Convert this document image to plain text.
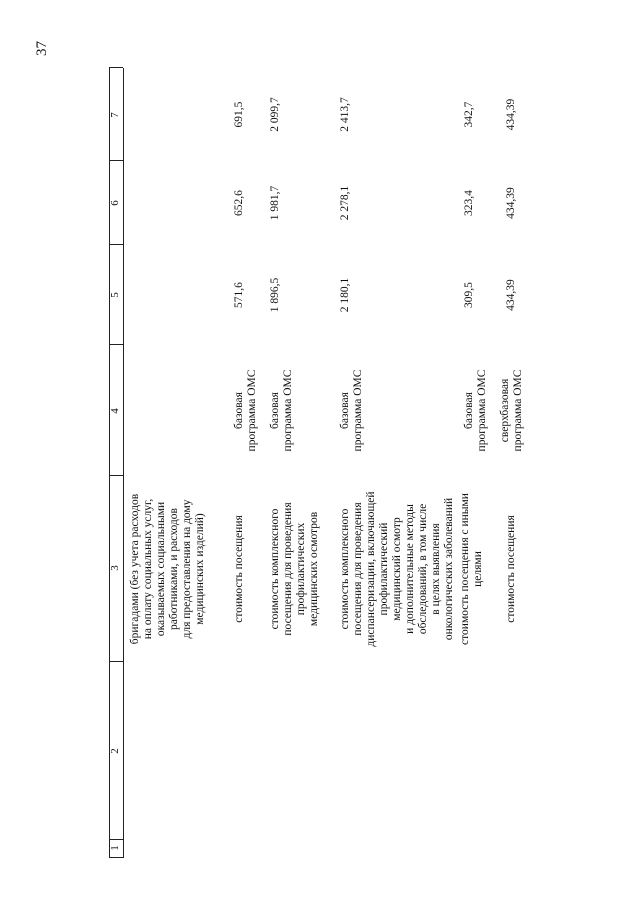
37
1
2
3
4
5
6
7
бригадами (без учета расходов на оплату социальных услуг, оказываемых социальными работниками, и расходов для предоставления на дому медицинских изделий) стоимость посещения
базовая программа ОМС
571,6
652,6
691,5
стоимость комплексного посещения для проведения профилактических медицинских осмотров
базовая программа ОМС
1 896,5
1 981,7
2 099,7
стоимость комплексного посещения для проведения диспансеризации, включающей профилактический медицинский осмотр и дополнительные методы обследований, в том числе в целях выявления онкологических заболеваний
базовая программа ОМС
2 180,1
2 278,1
2 413,7
стоимость посещения с иными целями
базовая программа ОМС
309,5
323,4
342,7
стоимость посещения
сверхбазовая программа ОМС
434,39
434,39
434,39
